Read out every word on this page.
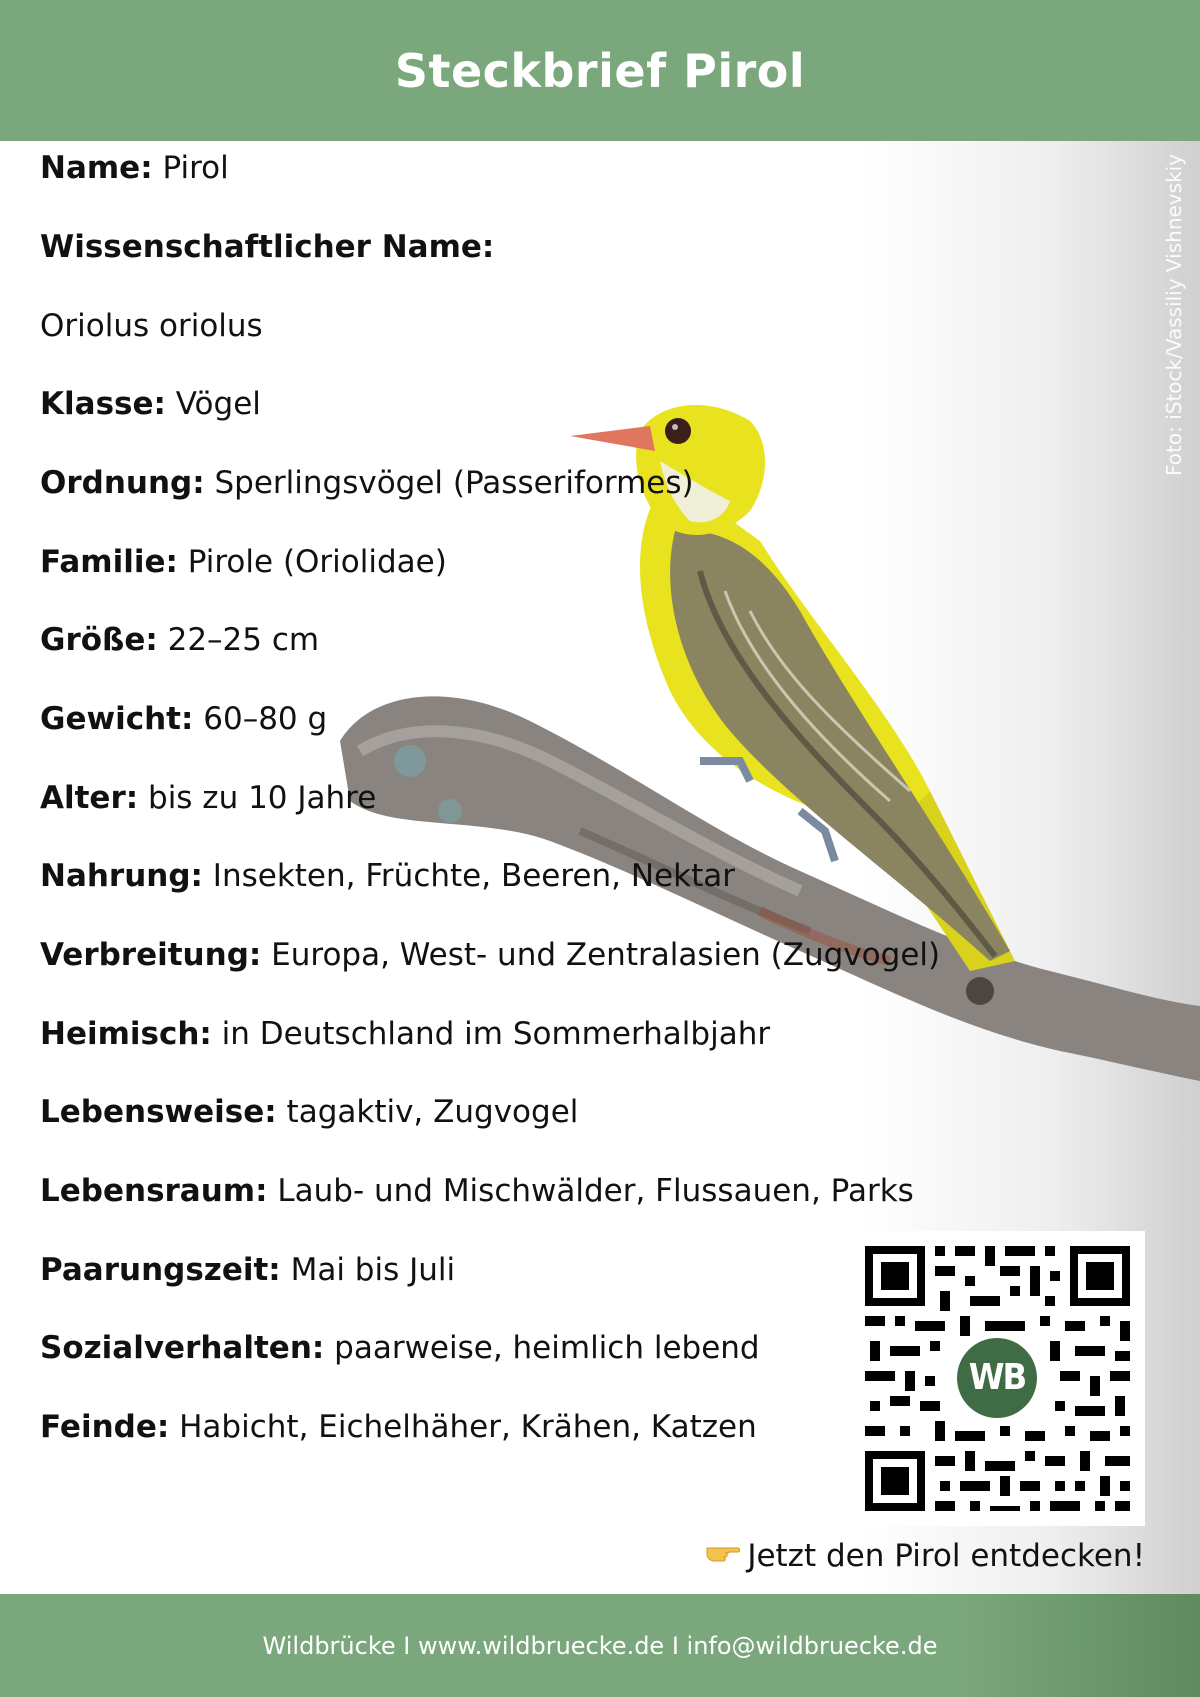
Steckbrief Pirol
Name: Pirol
Wissenschaftlicher Name:
Oriolus oriolus
Klasse: Vögel
Ordnung: Sperlingsvögel (Passeriformes)
Familie: Pirole (Oriolidae)
Größe: 22–25 cm
Gewicht: 60–80 g
Alter: bis zu 10 Jahre
Nahrung: Insekten, Früchte, Beeren, Nektar
Verbreitung: Europa, West- und Zentralasien (Zugvogel)
Heimisch: in Deutschland im Sommerhalbjahr
Lebensweise: tagaktiv, Zugvogel
Lebensraum: Laub- und Mischwälder, Flussauen, Parks
Paarungszeit: Mai bis Juli
Sozialverhalten: paarweise, heimlich lebend
Feinde: Habicht, Eichelhäher, Krähen, Katzen
Foto: iStock/Vassiliy Vishnevskiy
WB
Jetzt den Pirol entdecken!
Wildbrücke I www.wildbruecke.de I info@wildbruecke.de
